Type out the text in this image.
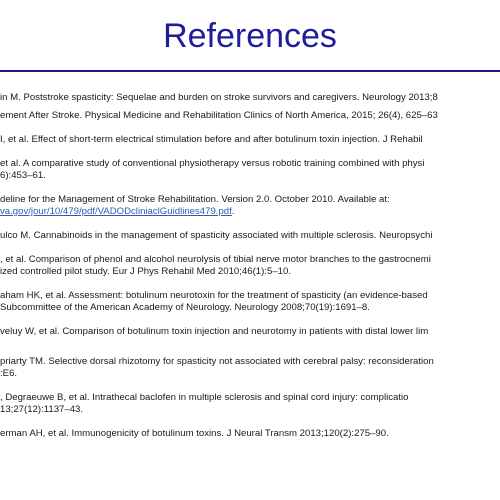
References
in M. Poststroke spasticity: Sequelae and burden on stroke survivors and caregivers. Neurology 2013;8
ement After Stroke. Physical Medicine and Rehabilitation Clinics of North America, 2015; 26(4), 625–63
I, et al. Effect of short-term electrical stimulation before and after botulinum toxin injection. J Rehabil
et al. A comparative study of conventional physiotherapy versus robotic training combined with physi
6):453–61.
deline for the Management of Stroke Rehabilitation. Version 2.0. October 2010. Available at:
va.gov/jour/10/479/pdf/VADODcliniaclGuidlines479.pdf.
ulco M. Cannabinoids in the management of spasticity associated with multiple sclerosis. Neuropsychi
, et al. Comparison of phenol and alcohol neurolysis of tibial nerve motor branches to the gastrocnemi
ized controlled pilot study. Eur J Phys Rehabil Med 2010;46(1):5–10.
aham HK, et al. Assessment: botulinum neurotoxin for the treatment of spasticity (an evidence-based
Subcommittee of the American Academy of Neurology. Neurology 2008;70(19):1691–8.
veluy W, et al. Comparison of botulinum toxin injection and neurotomy in patients with distal lower lim
priarty TM. Selective dorsal rhizotomy for spasticity not associated with cerebral palsy: reconsideration
:E6.
, Degraeuwe B, et al. Intrathecal baclofen in multiple sclerosis and spinal cord injury: complicatio
13;27(12):1137–43.
erman AH, et al. Immunogenicity of botulinum toxins. J Neural Transm 2013;120(2):275–90.
